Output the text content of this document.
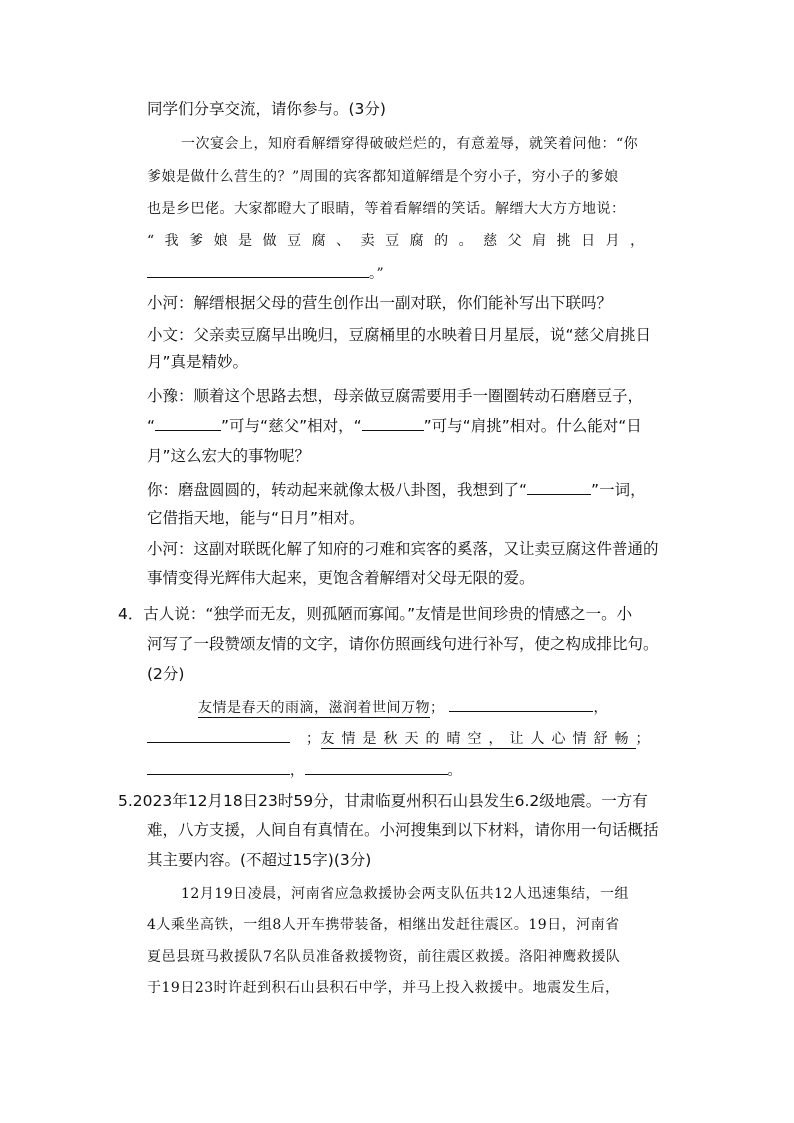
同学们分享交流，请你参与。(3分)
一次宴会上，知府看解缙穿得破破烂烂的，有意羞辱，就笑着问他：“你
爹娘是做什么营生的？”周围的宾客都知道解缙是个穷小子，穷小子的爹娘
也是乡巴佬。大家都瞪大了眼睛，等着看解缙的笑话。解缙大大方方地说：
“我爹娘是做豆腐、卖豆腐的。慈父肩挑日月，
。”
小河：解缙根据父母的营生创作出一副对联，你们能补写出下联吗？
小文：父亲卖豆腐早出晚归，豆腐桶里的水映着日月星辰，说“慈父肩挑日
月”真是精妙。
小豫：顺着这个思路去想，母亲做豆腐需要用手一圈圈转动石磨磨豆子，
“	”可与“慈父”相对，“	”可与“肩挑”相对。什么能对“日
月”这么宏大的事物呢？
你：磨盘圆圆的，转动起来就像太极八卦图，我想到了“	”一词，
它借指天地，能与“日月”相对。
小河：这副对联既化解了知府的刁难和宾客的奚落，又让卖豆腐这件普通的
事情变得光辉伟大起来，更饱含着解缙对父母无限的爱。
4．古人说：“独学而无友，则孤陋而寡闻。”友情是世间珍贵的情感之一。小
河写了一段赞颂友情的文字，请你仿照画线句进行补写，使之构成排比句。
(2分)
友情是春天的雨滴，滋润着世间万物；	，
；友情是秋天的晴空，让人心情舒畅；
，	。
5.2023年12月18日23时59分，甘肃临夏州积石山县发生6.2级地震。一方有
难，八方支援，人间自有真情在。小河搜集到以下材料，请你用一句话概括
其主要内容。(不超过15字)(3分)
12月19日凌晨，河南省应急救援协会两支队伍共12人迅速集结，一组
4人乘坐高铁，一组8人开车携带装备，相继出发赶往震区。19日，河南省
夏邑县斑马救援队7名队员准备救援物资，前往震区救援。洛阳神鹰救援队
于19日23时许赶到积石山县积石中学，并马上投入救援中。地震发生后，
